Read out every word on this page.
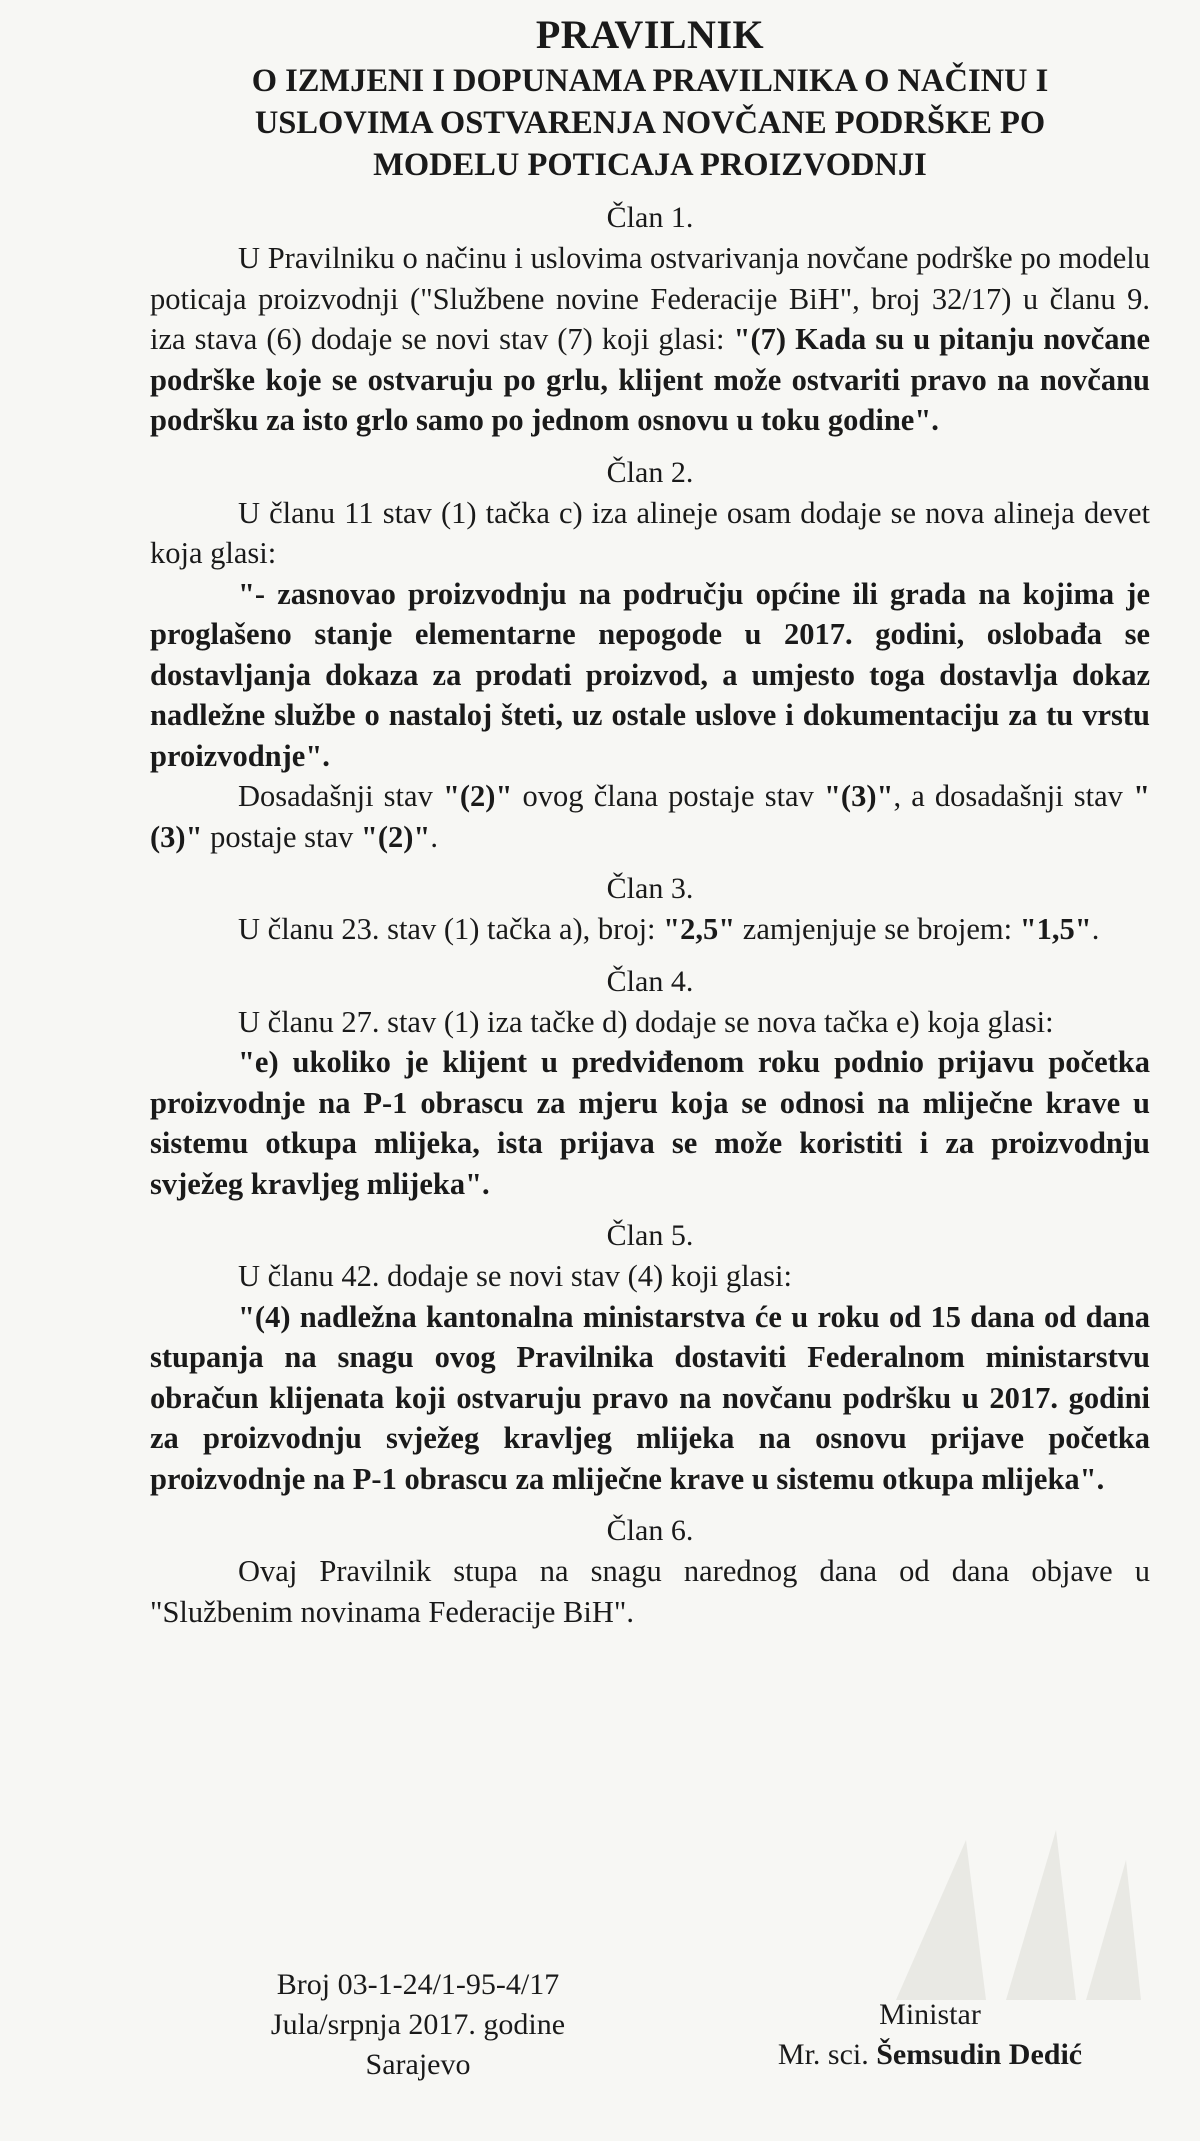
PRAVILNIK
O IZMJENI I DOPUNAMA PRAVILNIKA O NAČINU I
USLOVIMA OSTVARENJA NOVČANE PODRŠKE PO
MODELU POTICAJA PROIZVODNJI
Član 1.

U Pravilniku o načinu i uslovima ostvarivanja novčane podrške po modelu poticaja proizvodnji ("Službene novine Federacije BiH", broj 32/17) u članu 9. iza stava (6) dodaje se novi stav (7) koji glasi: "(7) Kada su u pitanju novčane podrške koje se ostvaruju po grlu, klijent može ostvariti pravo na novčanu podršku za isto grlo samo po jednom osnovu u toku godine".

Član 2.

U članu 11 stav (1) tačka c) iza alineje osam dodaje se nova alineja devet koja glasi:

"- zasnovao proizvodnju na području općine ili grada na kojima je proglašeno stanje elementarne nepogode u 2017. godini, oslobađa se dostavljanja dokaza za prodati proizvod, a umjesto toga dostavlja dokaz nadležne službe o nastaloj šteti, uz ostale uslove i dokumentaciju za tu vrstu proizvodnje".

Dosadašnji stav "(2)" ovog člana postaje stav "(3)", a dosadašnji stav "(3)" postaje stav "(2)".

Član 3.

U članu 23. stav (1) tačka a), broj: "2,5" zamjenjuje se brojem: "1,5".

Član 4.

U članu 27. stav (1) iza tačke d) dodaje se nova tačka e) koja glasi:

"e) ukoliko je klijent u predviđenom roku podnio prijavu početka proizvodnje na P-1 obrascu za mjeru koja se odnosi na mliječne krave u sistemu otkupa mlijeka, ista prijava se može koristiti i za proizvodnju svježeg kravljeg mlijeka".

Član 5.

U članu 42. dodaje se novi stav (4) koji glasi:

"(4) nadležna kantonalna ministarstva će u roku od 15 dana od dana stupanja na snagu ovog Pravilnika dostaviti Federalnom ministarstvu obračun klijenata koji ostvaruju pravo na novčanu podršku u 2017. godini za proizvodnju svježeg kravljeg mlijeka na osnovu prijave početka proizvodnje na P-1 obrascu za mliječne krave u sistemu otkupa mlijeka".

Član 6.

Ovaj Pravilnik stupa na snagu narednog dana od dana objave u "Službenim novinama Federacije BiH".

Broj 03-1-24/1-95-4/17
Jula/srpnja 2017. godine
Sarajevo
Ministar
Mr. sci. Šemsudin Dedić
